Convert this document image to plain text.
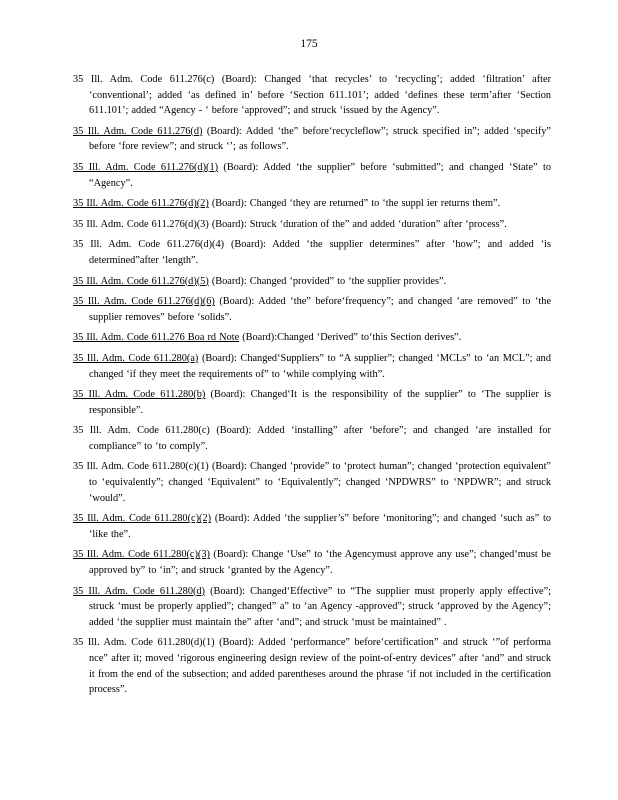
175
35 Ill. Adm. Code 611.276(c) (Board): Changed ‘that recycles’ to ‘recycling’; added ‘filtration’ after ‘conventional’; added ‘as defined in’ before ‘Section 611.101’; added ‘defines these term’after ‘Section 611.101’; added “Agency - ‘ before ‘approved”; and struck ‘issued by the Agency”.
35 Ill. Adm. Code 611.276(d) (Board): Added ‘the” before‘recycleflow”; struck specified in”; added ‘specify” before ‘fore review”; and struck ‘’; as follows”.
35 Ill. Adm. Code 611.276(d)(1) (Board): Added ‘the supplier” before ‘submitted”; and changed ‘State” to “Agency”.
35 Ill. Adm. Code 611.276(d)(2) (Board): Changed ‘they are returned” to ‘the suppl ier returns them”.
35 Ill. Adm. Code 611.276(d)(3) (Board): Struck ‘duration of the” and added ‘duration” after ‘process”.
35 Ill. Adm. Code 611.276(d)(4) (Board): Added ‘the supplier determines” after ‘how”; and added ‘is determined”after ‘length”.
35 Ill. Adm. Code 611.276(d)(5) (Board): Changed ‘provided” to ‘the supplier provides”.
35 Ill. Adm. Code 611.276(d)(6) (Board): Added ‘the” before‘frequency”; and changed ‘are removed” to ‘the supplier removes” before ‘solids”.
35 Ill. Adm. Code 611.276 Boa rd Note (Board):Changed ‘Derived” to‘this Section derives”.
35 Ill. Adm. Code 611.280(a) (Board): Changed‘Suppliers” to “A supplier”; changed ‘MCLs” to ‘an MCL”; and changed ‘if they meet the requirements of” to ‘while complying with”.
35 Ill. Adm. Code 611.280(b) (Board): Changed‘It is the responsibility of the supplier” to ‘The supplier is responsible”.
35 Ill. Adm. Code 611.280(c) (Board): Added ‘installing” after ‘before”; and changed ‘are installed for compliance” to ‘to comply”.
35 Ill. Adm. Code 611.280(c)(1) (Board): Changed ‘provide” to ‘protect human”; changed ‘protection equivalent” to ‘equivalently”; changed ‘Equivalent” to ‘Equivalently”; changed ‘NPDWRS” to ‘NPDWR”; and struck ‘would”.
35 Ill. Adm. Code 611.280(c)(2) (Board): Added ‘the supplier’s” before ‘monitoring”; and changed ‘such as” to ‘like the”.
35 Ill. Adm. Code 611.280(c)(3) (Board): Change ‘Use” to ‘the Agencymust approve any use”; changed‘must be approved by” to ‘in”; and struck ‘granted by the Agency”.
35 Ill. Adm. Code 611.280(d) (Board): Changed‘Effective” to “The supplier must properly apply effective”; struck ‘must be properly applied”; changed” a” to ‘an Agency -approved”; struck ‘approved by the Agency”; added ‘the supplier must maintain the” after ‘and”; and struck ‘must be maintained” .
35 Ill. Adm. Code 611.280(d)(1) (Board): Added ‘performance” before‘certification” and struck ‘”of performa nce” after it; moved ‘rigorous engineering design review of the point-of-entry devices” after ‘and” and struck it from the end of the subsection; and added parentheses around the phrase ‘if not included in the certification process”.
